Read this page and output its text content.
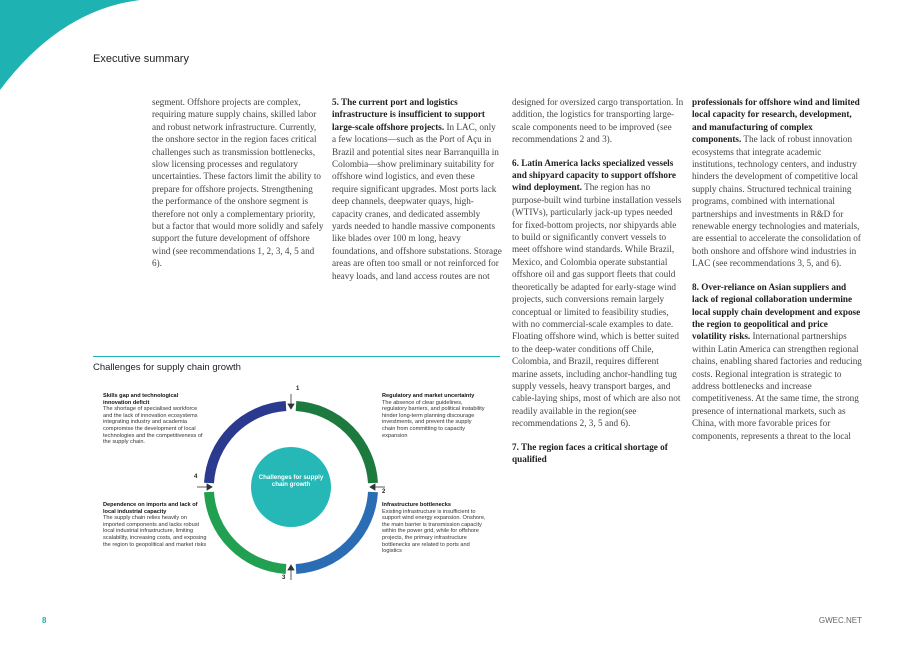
Executive summary

segment. Offshore projects are complex, requiring mature supply chains, skilled labor and robust network infrastructure. Currently, the onshore sector in the region faces critical challenges such as transmission bottlenecks, slow licensing processes and regulatory uncertainties. These factors limit the ability to prepare for offshore projects. Strengthening the performance of the onshore segment is therefore not only a complementary priority, but a factor that would more solidly and safely support the future development of offshore wind (see recommendations 1, 2, 3, 4, 5 and 6).

5. The current port and logistics infrastructure is insufficient to support large-scale offshore projects. In LAC, only a few locations—such as the Port of Açu in Brazil and potential sites near Barranquilla in Colombia—show preliminary suitability for offshore wind logistics, and even these require significant upgrades. Most ports lack deep channels, deepwater quays, high-capacity cranes, and dedicated assembly yards needed to handle massive components like blades over 100 m long, heavy foundations, and offshore substations. Storage areas are often too small or not reinforced for heavy loads, and land access routes are not

designed for oversized cargo transportation. In addition, the logistics for transporting large-scale components need to be improved (see recommendations 2 and 3).

6. Latin America lacks specialized vessels and shipyard capacity to support offshore wind deployment. The region has no purpose-built wind turbine installation vessels (WTIVs), particularly jack-up types needed for fixed-bottom projects, nor shipyards able to build or significantly convert vessels to meet offshore wind standards. While Brazil, Mexico, and Colombia operate substantial offshore oil and gas support fleets that could theoretically be adapted for early-stage wind projects, such conversions remain largely conceptual or limited to feasibility studies, with no commercial-scale examples to date. Floating offshore wind, which is better suited to the deep-water conditions off Chile, Colombia, and Brazil, requires different marine assets, including anchor-handling tug supply vessels, heavy transport barges, and cable-laying ships, most of which are also not readily available in the region(see recommendations 2, 3, 5 and 6).

7. The region faces a critical shortage of qualified

professionals for offshore wind and limited local capacity for research, development, and manufacturing of complex components. The lack of robust innovation ecosystems that integrate academic institutions, technology centers, and industry hinders the development of competitive local supply chains. Structured technical training programs, combined with international partnerships and investments in R&D for renewable energy technologies and materials, are essential to accelerate the consolidation of both onshore and offshore wind industries in LAC (see recommendations 3, 5, and 6).

8. Over-reliance on Asian suppliers and lack of regional collaboration undermine local supply chain development and expose the region to geopolitical and price volatility risks. International partnerships within Latin America can strengthen regional chains, enabling shared factories and reducing costs. Regional integration is strategic to address bottlenecks and increase competitiveness. At the same time, the strong presence of international markets, such as China, with more favorable prices for components, represents a threat to the local

Challenges for supply chain growth
1
2
3
4	Challenges for supply chain growth
Skills gap and technological innovation deficit
The shortage of specialised workforce and the lack of innovation ecosystems integrating industry and academia compromise the development of local technologies and the competitiveness of the supply chain.
Regulatory and market uncertainty
The absence of clear guidelines, regulatory barriers, and political instability hinder long-term planning discourage investments, and prevent the supply chain from committing to capacity expansion
Dependence on imports and lack of local industrial capacity
The supply chain relies heavily on imported components and lacks robust local industrial infrastructure, limiting scalability, increasing costs, and exposing the region to geopolitical and market risks
Infrastructure bottlenecks
Existing infrastructure is insufficient to support wind energy expansion. Onshore, the main barrier is transmission capacity within the power grid, while for offshore projects, the primary infrastructure bottlenecks are related to ports and logistics
8	GWEC.NET
